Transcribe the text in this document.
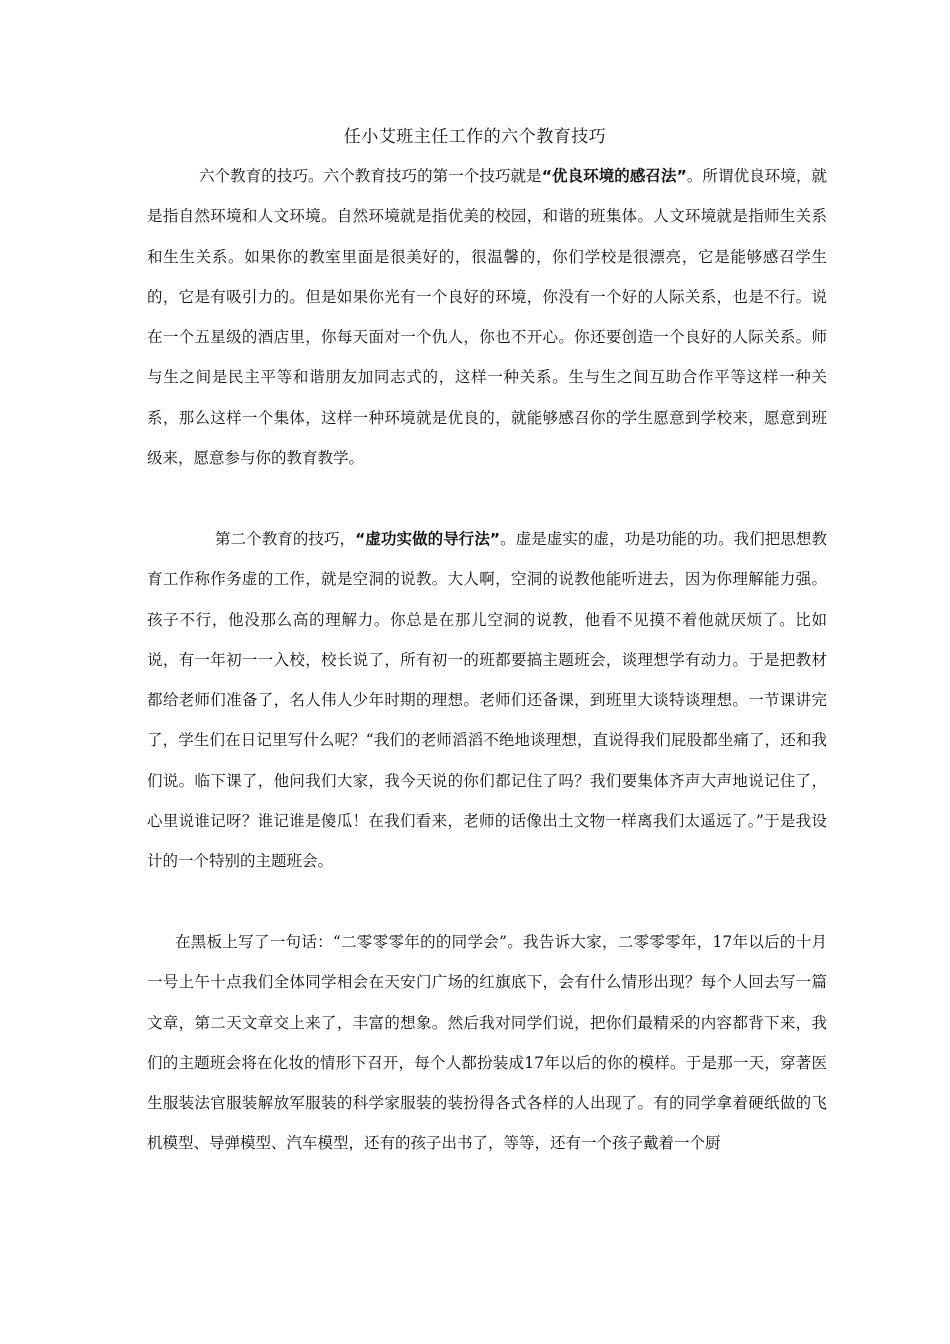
任小艾班主任工作的六个教育技巧

六个教育的技巧。六个教育技巧的第一个技巧就是“优良环境的感召法”。所谓优良环境，就是指自然环境和人文环境。自然环境就是指优美的校园，和谐的班集体。人文环境就是指师生关系和生生关系。如果你的教室里面是很美好的，很温馨的，你们学校是很漂亮，它是能够感召学生的，它是有吸引力的。但是如果你光有一个良好的环境，你没有一个好的人际关系，也是不行。说在一个五星级的酒店里，你每天面对一个仇人，你也不开心。你还要创造一个良好的人际关系。师与生之间是民主平等和谐朋友加同志式的，这样一种关系。生与生之间互助合作平等这样一种关系，那么这样一个集体，这样一种环境就是优良的，就能够感召你的学生愿意到学校来，愿意到班级来，愿意参与你的教育教学。

第二个教育的技巧，“虚功实做的导行法”。虚是虚实的虚，功是功能的功。我们把思想教育工作称作务虚的工作，就是空洞的说教。大人啊，空洞的说教他能听进去，因为你理解能力强。孩子不行，他没那么高的理解力。你总是在那儿空洞的说教，他看不见摸不着他就厌烦了。比如说，有一年初一一入校，校长说了，所有初一的班都要搞主题班会，谈理想学有动力。于是把教材都给老师们准备了，名人伟人少年时期的理想。老师们还备课，到班里大谈特谈理想。一节课讲完了，学生们在日记里写什么呢？“我们的老师滔滔不绝地谈理想，直说得我们屁股都坐痛了，还和我们说。临下课了，他问我们大家，我今天说的你们都记住了吗？我们要集体齐声大声地说记住了，心里说谁记呀？谁记谁是傻瓜！在我们看来，老师的话像出土文物一样离我们太遥远了。”于是我设计的一个特别的主题班会。

在黑板上写了一句话：“二零零零年的的同学会”。我告诉大家，二零零零年，17年以后的十月一号上午十点我们全体同学相会在天安门广场的红旗底下，会有什么情形出现？每个人回去写一篇文章，第二天文章交上来了，丰富的想象。然后我对同学们说，把你们最精采的内容都背下来，我们的主题班会将在化妆的情形下召开，每个人都扮装成17年以后的你的模样。于是那一天，穿著医生服装法官服装解放军服装的科学家服装的装扮得各式各样的人出现了。有的同学拿着硬纸做的飞机模型、导弹模型、汽车模型，还有的孩子出书了，等等，还有一个孩子戴着一个厨
